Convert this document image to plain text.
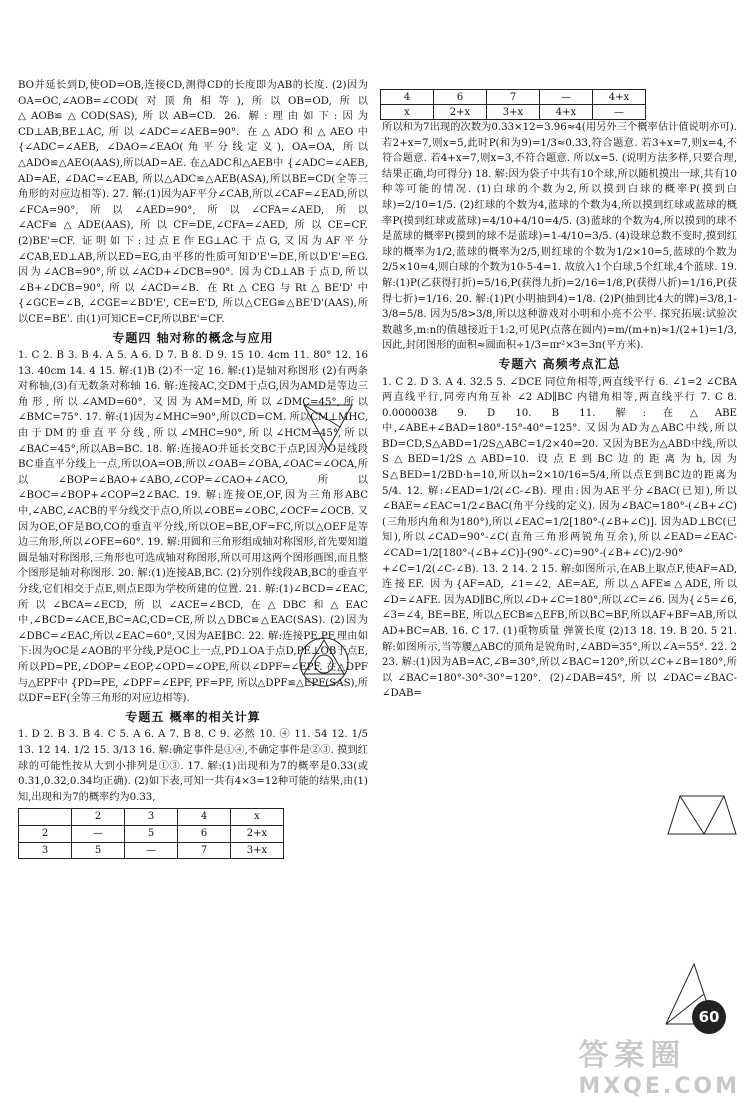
BO并延长到D,使OD=OB,连接CD,测得CD的长度即为AB的长度. (2)因为OA=OC,∠AOB=∠COD(对顶角相等),所以OB=OD,所以△AOB≌△COD(SAS),所以AB=CD. 26. 解:理由如下:因为CD⊥AB,BE⊥AC,所以∠ADC=∠AEB=90°. 在△ADO和△AEO中 {∠ADC=∠AEB, ∠DAO=∠EAO(角平分线定义), OA=OA, 所以△ADO≌△AEO(AAS),所以AD=AE. 在△ADC和△AEB中 {∠ADC=∠AEB, AD=AE, ∠DAC=∠EAB, 所以△ADC≌△AEB(ASA),所以BE=CD(全等三角形的对应边相等). 27. 解:(1)因为AF平分∠CAB,所以∠CAF=∠EAD,所以∠FCA=90°,所以∠AED=90°,所以∠CFA=∠AED,所以∠ACF≌△ADE(AAS),所以CF=DE,∠CFA=∠AED,所以CE=CF. (2)BE'=CF. 证明如下:过点E作EG⊥AC于点G,又因为AF平分∠CAB,ED⊥AB,所以ED=EG,由平移的性质可知D'E'=DE,所以D'E'=EG. 因为∠ACB=90°,所以∠ACD+∠DCB=90°. 因为CD⊥AB于点D,所以∠B+∠DCB=90°,所以∠ACD=∠B. 在Rt△CEG与Rt△BE'D'中 {∠GCE=∠B, ∠CGE=∠BD'E', CE=E'D, 所以△CEG≌△BE'D'(AAS),所以CE=BE'. 由(1)可知CE=CF,所以BE'=CF.

专题四 轴对称的概念与应用

1. C 2. B 3. B 4. A 5. A 6. D 7. B 8. D 9. 15 10. 4cm 11. 80° 12. 16 13. 40cm 14. 4 15. 解:(1)B (2)不一定 16. 解:(1)是轴对称图形 (2)有两条对称轴,(3)有无数条对称轴 16. 解:连接AC,交DM于点G,因为AMD是等边三角形,所以∠AMD=60°. 又因为AM=MD,所以∠DMC=45°,所以∠BMC=75°. 17. 解:(1)因为∠MHC=90°,所以CD=CM. 所以CM⊥MHC,由于DM的垂直平分线,所以∠MHC=90°,所以∠HCM=45°,所以∠BAC=45°,所以AB=BC. 18. 解:连接AO并延长交BC于点P,因为O是线段BC垂直平分线上一点,所以OA=OB,所以∠OAB=∠OBA,∠OAC=∠OCA,所以∠BOP=∠BAO+∠ABO,∠COP=∠CAO+∠ACO,所以∠BOC=∠BOP+∠COP=2∠BAC. 19. 解:连接OE,OF,因为三角形ABC中,∠ABC,∠ACB的平分线交于点O,所以∠OBE=∠OBC,∠OCF=∠OCB. 又因为OE,OF是BO,CO的垂直平分线,所以OE=BE,OF=FC,所以△OEF是等边三角形,所以∠OFE=60°. 19. 解:用圆和三角形组成轴对称图形,首先要知道圆是轴对称图形,三角形也可选成轴对称图形,所以可用这两个图形画图,而且整个图形是轴对称图形. 20. 解:(1)连接AB,BC. (2)分别作线段AB,BC的垂直平分线,它们相交于点E,则点E即为学校所建的位置. 21. 解:(1)∠BCD=∠EAC,所以∠BCA=∠ECD,所以∠ACE=∠BCD,在△DBC和△EAC中,∠BCD=∠ACE,BC=AC,CD=CE,所以△DBC≌△EAC(SAS). (2)因为∠DBC=∠EAC,所以∠EAC=60°,又因为AE∥BC. 22. 解:连接PE,PF,理由如下:因为OC是∠AOB的平分线,P是OC上一点,PD⊥OA于点D,PE⊥OB于点E,所以PD=PE,∠DOP=∠EOP,∠OPD=∠OPE,所以∠DPF=∠EPF. 在△DPF与△EPF中 {PD=PE, ∠DPF=∠EPF, PF=PF, 所以△DPF≌△EPF(SAS),所以DF=EF(全等三角形的对应边相等).

专题五 概率的相关计算

1. D 2. B 3. B 4. C 5. A 6. A 7. B 8. C 9. 必然 10. ④ 11. 54 12. 1/5 13. 12 14. 1/2 15. 3/13 16. 解:确定事件是①④,不确定事件是②③. 摸到红球的可能性按从大到小排列是①③. 17. 解:(1)出现和为7的概率是0.33(或0.31,0.32,0.34均正确). (2)如下表,可知一共有4×3=12种可能的结果,由(1)知,出现和为7的概率约为0.33,

	2	3	4	x
2	—	5	6	2+x
3	5	—	7	3+x
4	6	7	—	4+x
x	2+x	3+x	4+x	—

所以和为7出现的次数为0.33×12=3.96≈4(用另外三个概率估计值说明亦可). 若2+x=7,则x=5,此时P(和为9)=1/3≈0.33,符合题意. 若3+x=7,则x=4,不符合题意. 若4+x=7,则x=3,不符合题意. 所以x=5. (说明方法多样,只要合理,结果正确,均可得分) 18. 解:因为袋子中共有10个球,所以随机摸出一球,共有10种等可能的情况. (1)白球的个数为2,所以摸到白球的概率P(摸到白球)=2/10=1/5. (2)红球的个数为4,蓝球的个数为4,所以摸到红球或蓝球的概率P(摸到红球或蓝球)=4/10+4/10=4/5. (3)蓝球的个数为4,所以摸到的球不是蓝球的概率P(摸到的球不是蓝球)=1-4/10=3/5. (4)设球总数不变时,摸到红球的概率为1/2,蓝球的概率为2/5,则红球的个数为1/2×10=5,蓝球的个数为2/5×10=4,则白球的个数为10-5-4=1. 故放入1个白球,5个红球,4个蓝球. 19. 解:(1)P(乙获得打折)=5/16,P(获得九折)=2/16=1/8,P(获得八折)=1/16,P(获得七折)=1/16. 20. 解:(1)P(小明抽到4)=1/8. (2)P(抽到比4大的牌)=3/8,1-3/8=5/8. 因为5/8>3/8,所以这种游戏对小明和小亮不公平. 探究拓展:试验次数越多,m:n的值越接近于1:2,可见P(点落在圆内)=m/(m+n)≈1/(2+1)=1/3,因此,封闭图形的面积≈圆面积÷1/3=πr²×3=3π(平方米).

专题六 高频考点汇总

1. C 2. D 3. A 4. 32.5 5. ∠DCE 同位角相等,两直线平行 6. ∠1=2 ∠CBA 两直线平行,同旁内角互补 ∠2 AD∥BC 内错角相等,两直线平行 7. C 8. 0.0000038 9. D 10. B 11. 解:在△ABE中,∠ABE+∠BAD=180°-15°-40°=125°. 又因为AD为△ABC中线,所以BD=CD,S△ABD=1/2S△ABC=1/2×40=20. 又因为BE为△ABD中线,所以S△BED=1/2S△ABD=10. 设点E到BC边的距离为h,因为S△BED=1/2BD·h=10,所以h=2×10/16=5/4,所以点E到BC边的距离为5/4. 12. 解:∠EAD=1/2(∠C-∠B). 理由:因为AE平分∠BAC(已知),所以∠BAE=∠EAC=1/2∠BAC(角平分线的定义). 因为∠BAC=180°-(∠B+∠C)(三角形内角和为180°),所以∠EAC=1/2[180°-(∠B+∠C)]. 因为AD⊥BC(已知),所以∠CAD=90°-∠C(直角三角形两锐角互余),所以∠EAD=∠EAC-∠CAD=1/2[180°-(∠B+∠C)]-(90°-∠C)=90°-(∠B+∠C)/2-90°+∠C=1/2(∠C-∠B). 13. 2 14. 2 15. 解:如图所示,在AB上取点F,使AF=AD,连接EF. 因为{AF=AD, ∠1=∠2, AE=AE, 所以△AFE≌△ADE,所以∠D=∠AFE. 因为AD∥BC,所以∠D+∠C=180°,所以∠C=∠6. 因为{∠5=∠6, ∠3=∠4, BE=BE, 所以△ECB≌△EFB,所以BC=BF,所以AF+BF=AB,所以AD+BC=AB. 16. C 17. (1)重物质量 弹簧长度 (2)13 18. 19. B 20. 5 21. 解:如图所示,当等腰△ABC的顶角是锐角时,∠ABD=35°,所以∠A=55°. 22. 2 23. 解:(1)因为AB=AC,∠B=30°,所以∠BAC=120°,所以∠C+∠B=180°,所以∠BAC=180°-30°-30°=120°. (2)∠DAB=45°,所以∠DAC=∠BAC-∠DAB=

60
答案圈
MXQE.COM
